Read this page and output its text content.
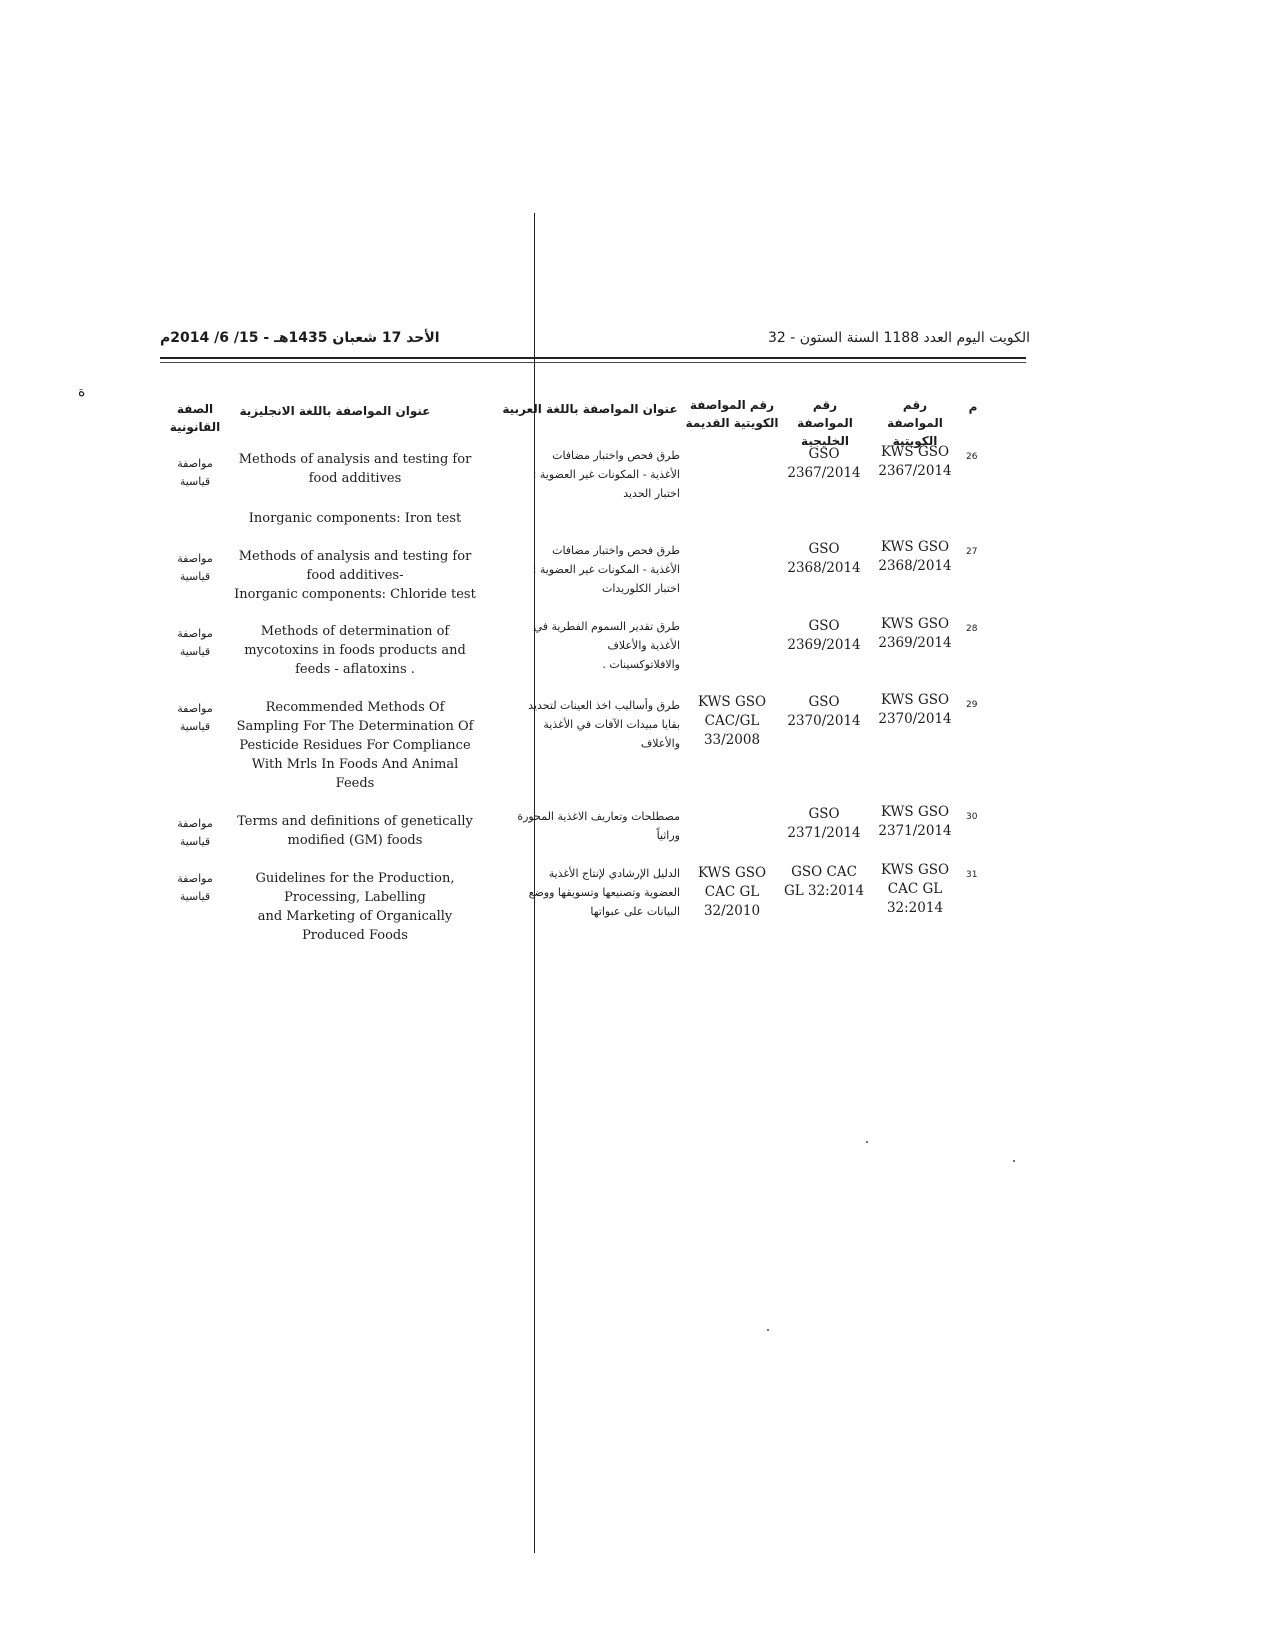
الأحد 17 شعبان 1435هـ - 15/ 6/ 2014م	الكويت اليوم العدد 1188 السنة الستون - 32
ة
م
رقم المواصفة الكويتية
رقم المواصفة الخليجية
رقم المواصفة الكويتية القديمة
عنوان المواصفة باللغة العربية
عنوان المواصفة باللغة الانجليزية
الصفة القانونية
26
KWS GSO
2367/2014
GSO
2367/2014
طرق فحص واختبار مضافات
الأغذية - المكونات غير العضوية :
اختبار الحديد
Methods of analysis and testing for
food additives
Inorganic components: Iron test
مواصفة
قياسية
27
KWS GSO
2368/2014
GSO
2368/2014
طرق فحص واختبار مضافات
الأغذية - المكونات غير العضوية :
اختبار الكلوريدات
Methods of analysis and testing for
food additives-
Inorganic components: Chloride test
مواصفة
قياسية
28
KWS GSO
2369/2014
GSO
2369/2014
طرق تقدير السموم الفطرية في
الأغذية والأعلاف
والافلاتوكسينات .
Methods of determination of
mycotoxins in foods products and
feeds - aflatoxins .
مواصفة
قياسية
29
KWS GSO
2370/2014
GSO
2370/2014
KWS GSO
CAC/GL
33/2008
طرق وأساليب اخذ العينات لتحديد
بقايا مبيدات الآفات في الأغذية
والأعلاف
Recommended Methods Of
Sampling For The Determination Of
Pesticide Residues For Compliance
With Mrls In Foods And Animal
Feeds
مواصفة
قياسية
30
KWS GSO
2371/2014
GSO
2371/2014
مصطلحات وتعاريف الاغذية المحورة
وراثياً
Terms and definitions of genetically
modified (GM) foods
مواصفة
قياسية
31
KWS GSO
CAC GL
32:2014
GSO CAC
GL 32:2014
KWS GSO
CAC GL
32/2010
الدليل الإرشادي لإنتاج الأغذية
العضوية وتصنيعها وتسويقها ووضع
البيانات على عبواتها
Guidelines for the Production,
Processing, Labelling
and Marketing of Organically
Produced Foods
مواصفة
قياسية
